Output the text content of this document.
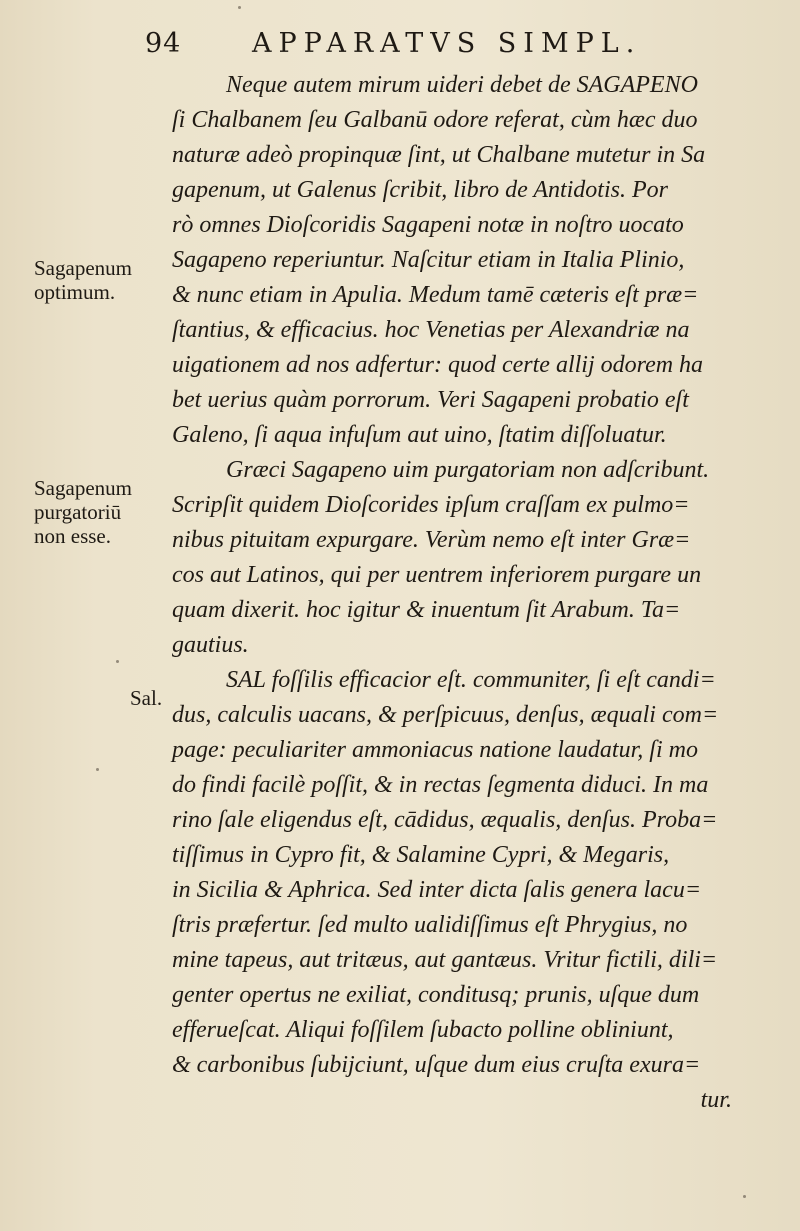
94	APPARATVS SIMPL.
Sagapenum
optimum.
Sagapenum
purgatoriū
non esse.
Sal.
Neque autem mirum uideri debet de SAGAPENO
ſi Chalbanem ſeu Galbanū odore referat, cùm hæc duo
naturæ adeò propinquæ ſint, ut Chalbane mutetur in Sa
gapenum, ut Galenus ſcribit, libro de Antidotis. Por
rò omnes Dioſcoridis Sagapeni notæ in noſtro uocato
Sagapeno reperiuntur. Naſcitur etiam in Italia Plinio,
& nunc etiam in Apulia. Medum tamē cæteris eſt præ=
ſtantius, & efficacius. hoc Venetias per Alexandriæ na
uigationem ad nos adfertur: quod certe allij odorem ha
bet uerius quàm porrorum. Veri Sagapeni probatio eſt
Galeno, ſi aqua infuſum aut uino, ſtatim diſſoluatur.
Græci Sagapeno uim purgatoriam non adſcribunt.
Scripſit quidem Dioſcorides ipſum craſſam ex pulmo=
nibus pituitam expurgare. Verùm nemo eſt inter Græ=
cos aut Latinos, qui per uentrem inferiorem purgare un
quam dixerit. hoc igitur & inuentum ſit Arabum. Ta=
gautius.
SAL foſſilis efficacior eſt. communiter, ſi eſt candi=
dus, calculis uacans, & perſpicuus, denſus, æquali com=
page: peculiariter ammoniacus natione laudatur, ſi mo
do findi facilè poſſit, & in rectas ſegmenta diduci. In ma
rino ſale eligendus eſt, cādidus, æqualis, denſus. Proba=
tiſſimus in Cypro fit, & Salamine Cypri, & Megaris,
in Sicilia & Aphrica. Sed inter dicta ſalis genera lacu=
ſtris præfertur. ſed multo ualidiſſimus eſt Phrygius, no
mine tapeus, aut tritæus, aut gantæus. Vritur fictili, dili=
genter opertus ne exiliat, conditusq; prunis, uſque dum
efferueſcat. Aliqui foſſilem ſubacto polline obliniunt,
& carbonibus ſubijciunt, uſque dum eius cruſta exura=
tur.
